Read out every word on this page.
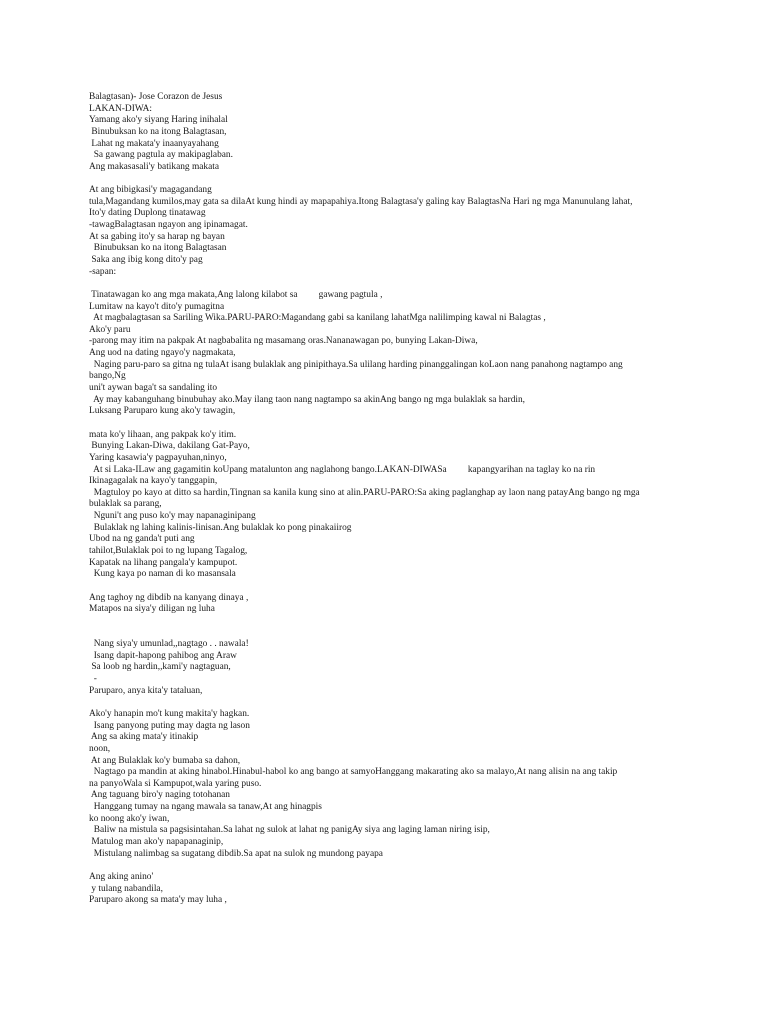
Balagtasan)- Jose Corazon de Jesus
LAKAN-DIWA:
Yamang ako'y siyang Haring inihalal
Binubuksan ko na itong Balagtasan,
Lahat ng makata'y inaanyayahang
Sa gawang pagtula ay makipaglaban.
Ang makasasali'y batikang makata
At ang bibigkasi'y magagandang
tula,Magandang kumilos,may gata sa dilaAt kung hindi ay mapapahiya.Itong Balagtasa'y galing kay BalagtasNa Hari ng mga Manunulang lahat,
Ito'y dating Duplong tinatawag
-tawagBalagtasan ngayon ang ipinamagat.
At sa gabing ito'y sa harap ng bayan
Binubuksan ko na itong Balagtasan
Saka ang ibig kong dito'y pag
-sapan:
Tinatawagan ko ang mga makata,Ang lalong kilabot sa         gawang pagtula ,
Lumitaw na kayo't dito'y pumagitna
At magbalagtasan sa Sariling Wika.PARU-PARO:Magandang gabi sa kanilang lahatMga nalilimping kawal ni Balagtas ,
Ako'y paru
-parong may itim na pakpak At nagbabalita ng masamang oras.Nananawagan po, bunying Lakan-Diwa,
Ang uod na dating ngayo'y nagmakata,
Naging paru-paro sa gitna ng tulaAt isang bulaklak ang pinipithaya.Sa ulilang harding pinanggalingan koLaon nang panahong nagtampo ang
bango,Ng
uni't aywan baga't sa sandaling ito
Ay may kabanguhang binubuhay ako.May ilang taon nang nagtampo sa akinAng bango ng mga bulaklak sa hardin,
Luksang Paruparo kung ako'y tawagin,
mata ko'y lihaan, ang pakpak ko'y itim.
Bunying Lakan-Diwa, dakilang Gat-Payo,
Yaring kasawia'y pagpayuhan,ninyo,
At si Laka-ILaw ang gagamitin koUpang matalunton ang naglahong bango.LAKAN-DIWASa         kapangyarihan na taglay ko na rin
Ikinagagalak na kayo'y tanggapin,
Magtuloy po kayo at ditto sa hardin,Tingnan sa kanila kung sino at alin.PARU-PARO:Sa aking paglanghap ay laon nang patayAng bango ng mga
bulaklak sa parang,
Nguni't ang puso ko'y may napanaginipang
Bulaklak ng lahing kalinis-linisan.Ang bulaklak ko pong pinakaiirog
Ubod na ng ganda't puti ang
tahilot,Bulaklak poi to ng lupang Tagalog,
Kapatak na lihang pangala'y kampupot.
Kung kaya po naman di ko masansala
Ang taghoy ng dibdib na kanyang dinaya ,
Matapos na siya'y diligan ng luha
Nang siya'y umunlad,,nagtago . . nawala!
Isang dapit-hapong pahibog ang Araw
Sa loob ng hardin,,kami'y nagtaguan,
-
Paruparo, anya kita'y tataluan,
Ako'y hanapin mo't kung makita'y hagkan.
Isang panyong puting may dagta ng lason
Ang sa aking mata'y itinakip
noon,
At ang Bulaklak ko'y bumaba sa dahon,
Nagtago pa mandin at aking hinabol.Hinabul-habol ko ang bango at samyoHanggang makarating ako sa malayo,At nang alisin na ang takip
na panyoWala si Kampupot,wala yaring puso.
Ang taguang biro'y naging totohanan
Hanggang tumay na ngang mawala sa tanaw,At ang hinagpis
ko noong ako'y iwan,
Baliw na mistula sa pagsisintahan.Sa lahat ng sulok at lahat ng panigAy siya ang laging laman niring isip,
Matulog man ako'y napapanaginip,
Mistulang nalimbag sa sugatang dibdib.Sa apat na sulok ng mundong payapa
Ang aking anino'
y tulang nabandila,
Paruparo akong sa mata'y may luha ,
